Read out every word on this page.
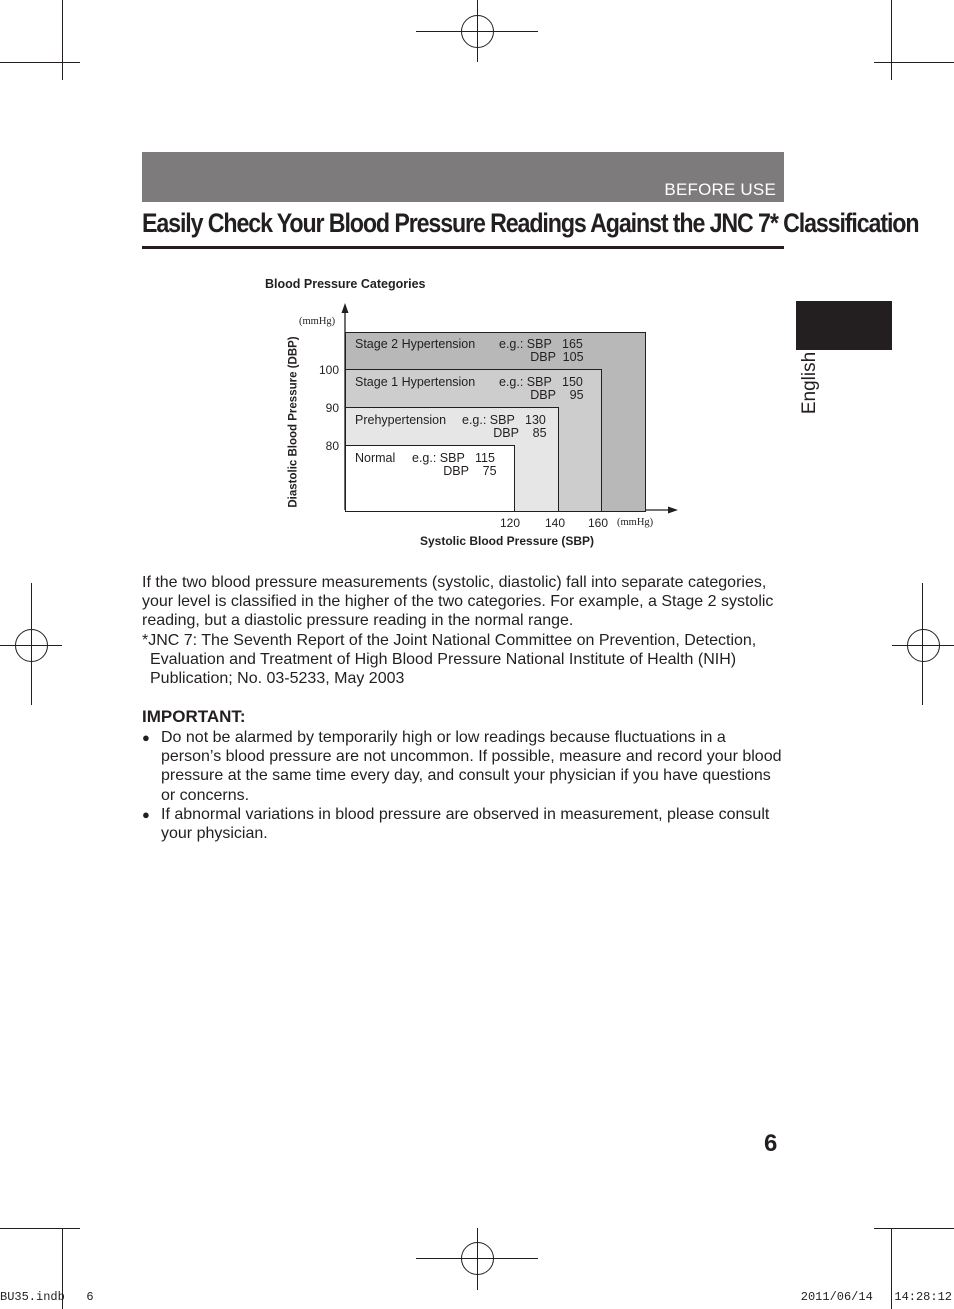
BEFORE USE
Easily Check Your Blood Pressure Readings Against the JNC 7* Classification
English
Blood Pressure Categories
(mmHg)
Diastolic Blood Pressure (DBP)	Stage 2 Hypertension e.g.: SBP   165
DBP  105
Stage 1 Hypertension e.g.: SBP   150
DBP    95
Prehypertension e.g.: SBP   130
DBP    85
Normal e.g.: SBP   115
DBP    75
100
90
80
120 140 160 (mmHg)
Systolic Blood Pressure (SBP)

If the two blood pressure measurements (systolic, diastolic) fall into separate categories, your level is classified in the higher of the two categories. For example, a Stage 2 systolic reading, but a diastolic pressure reading in the normal range.

*JNC 7: The Seventh Report of the Joint National Committee on Prevention, Detection, Evaluation and Treatment of High Blood Pressure National Institute of Health (NIH) Publication; No. 03-5233, May 2003

IMPORTANT:
● Do not be alarmed by temporarily high or low readings because fluctuations in a person’s blood pressure are not uncommon. If possible, measure and record your blood pressure at the same time every day, and consult your physician if you have questions or concerns.
● If abnormal variations in blood pressure are observed in measurement, please consult your physician.
6
BU35.indb   6	2011/06/14   14:28:12
